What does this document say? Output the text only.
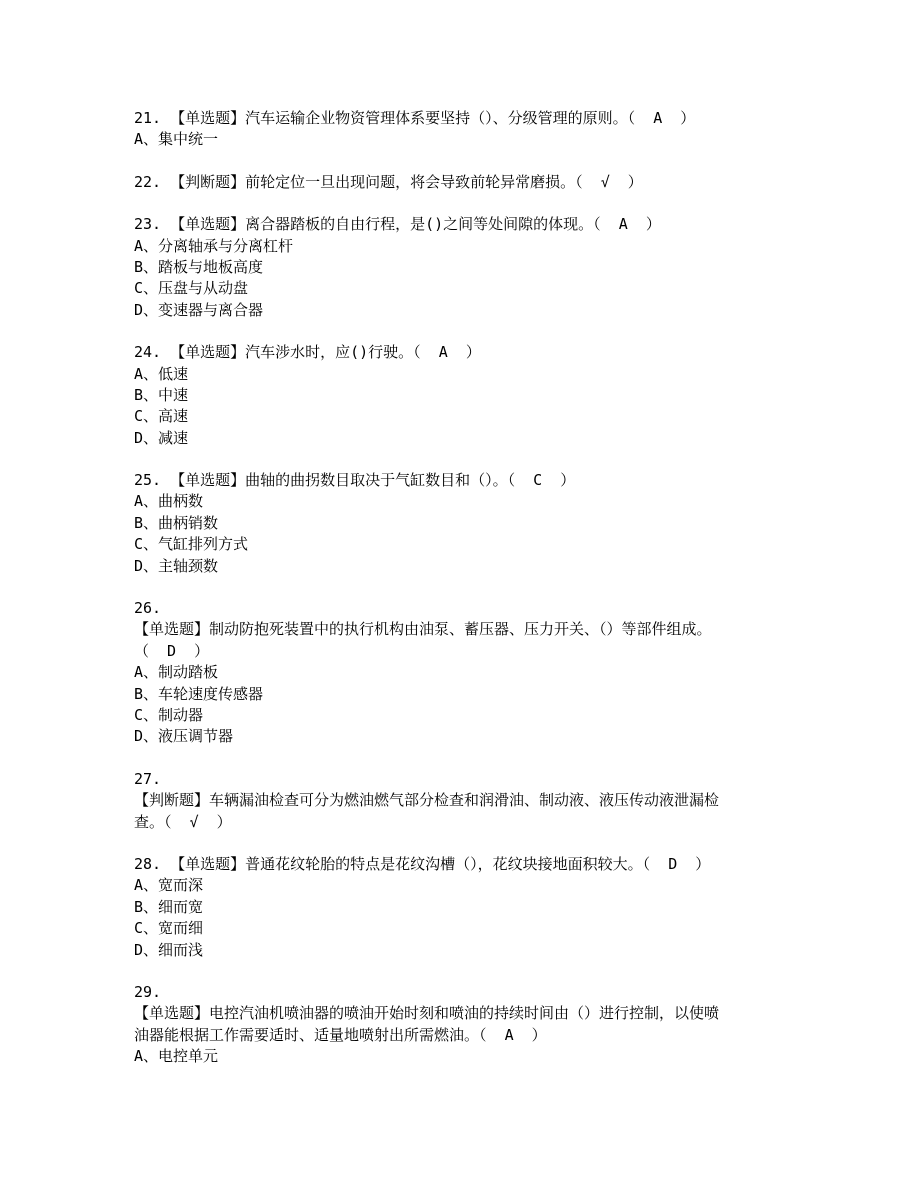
21. 【单选题】汽车运输企业物资管理体系要坚持（）、分级管理的原则。（  A  ）
A、集中统一
22. 【判断题】前轮定位一旦出现问题，将会导致前轮异常磨损。（  √  ）
23. 【单选题】离合器踏板的自由行程，是()之间等处间隙的体现。（  A  ）
A、分离轴承与分离杠杆
B、踏板与地板高度
C、压盘与从动盘
D、变速器与离合器
24. 【单选题】汽车涉水时，应()行驶。（  A  ）
A、低速
B、中速
C、高速
D、减速
25. 【单选题】曲轴的曲拐数目取决于气缸数目和（）。（  C  ）
A、曲柄数
B、曲柄销数
C、气缸排列方式
D、主轴颈数
26.
【单选题】制动防抱死装置中的执行机构由油泵、蓄压器、压力开关、（）等部件组成。
（  D  ）
A、制动踏板
B、车轮速度传感器
C、制动器
D、液压调节器
27.
【判断题】车辆漏油检查可分为燃油燃气部分检查和润滑油、制动液、液压传动液泄漏检
查。（  √  ）
28. 【单选题】普通花纹轮胎的特点是花纹沟槽（），花纹块接地面积较大。（  D  ）
A、宽而深
B、细而宽
C、宽而细
D、细而浅
29.
【单选题】电控汽油机喷油器的喷油开始时刻和喷油的持续时间由（）进行控制，以使喷
油器能根据工作需要适时、适量地喷射出所需燃油。（  A  ）
A、电控单元
